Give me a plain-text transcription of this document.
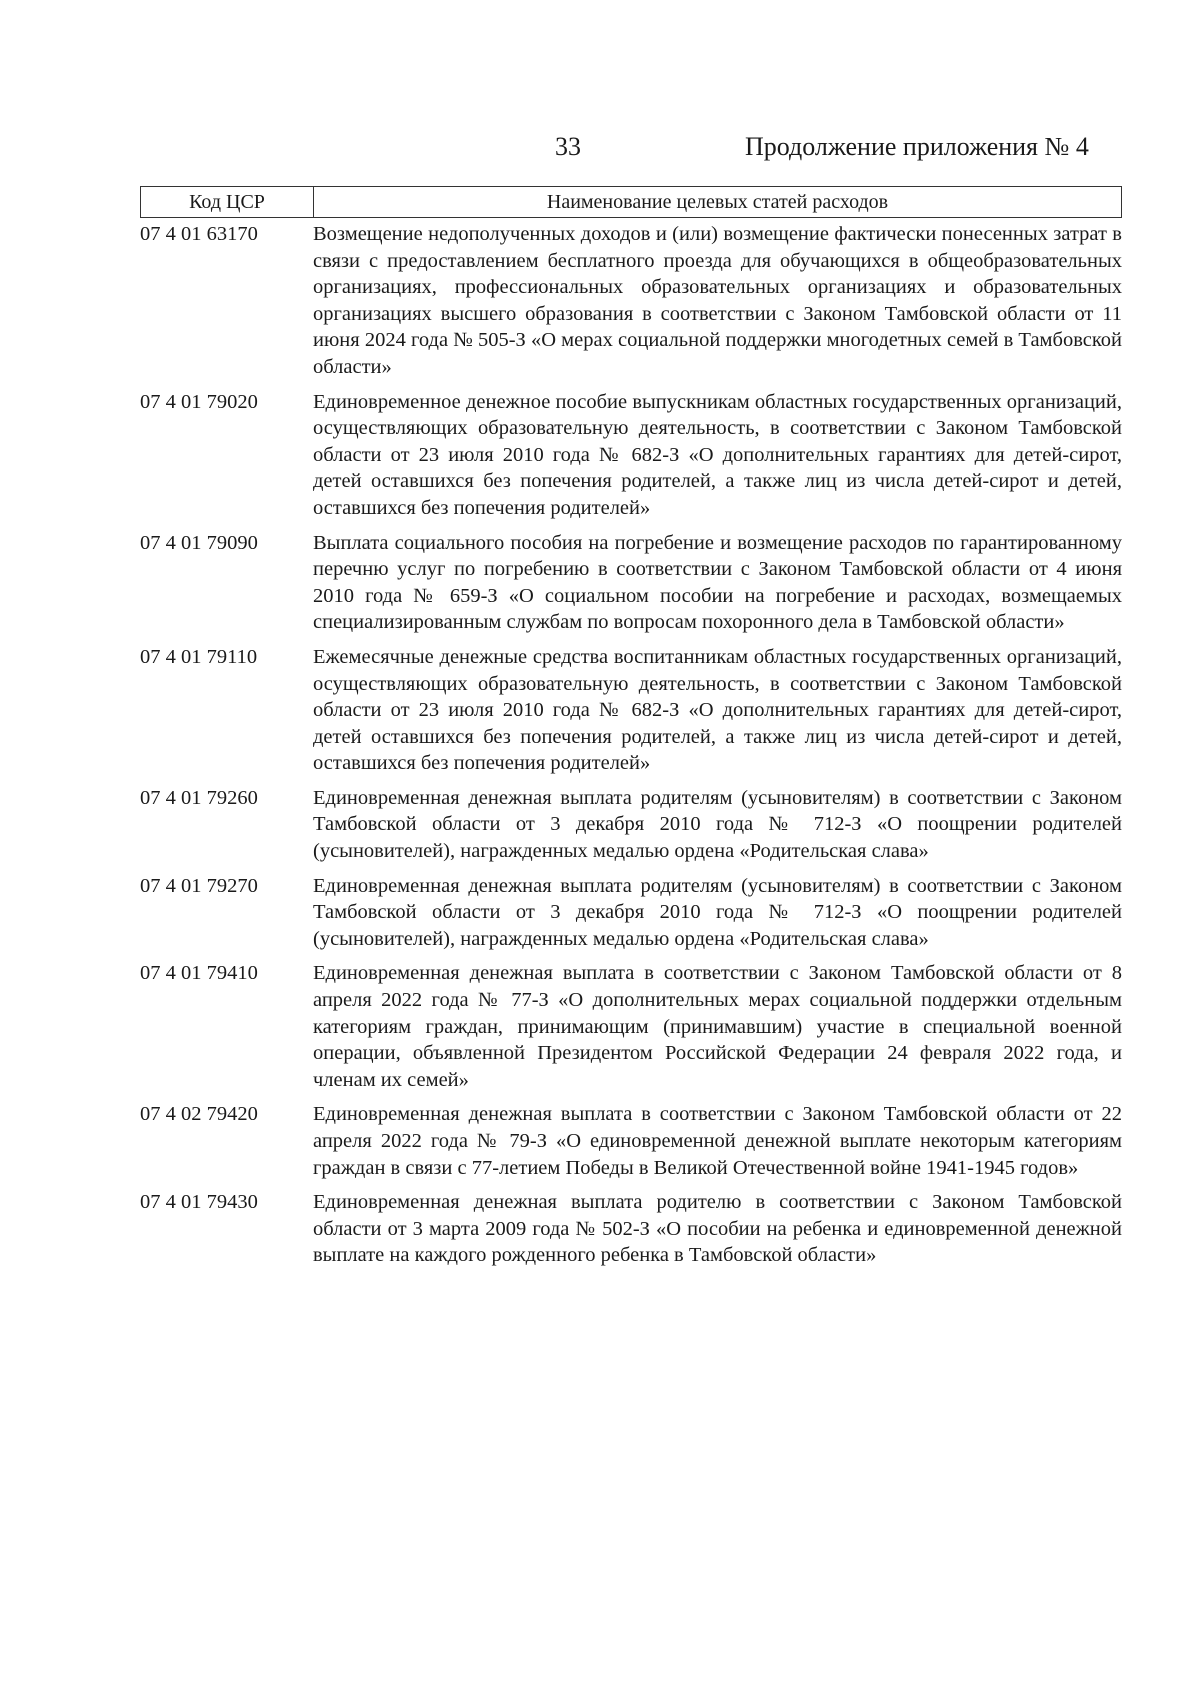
33	Продолжение приложения № 4
Код ЦСР	Наименование целевых статей расходов
07 4 01 63170	Возмещение недополученных доходов и (или) возмещение фактически понесенных затрат в связи с предоставлением бесплатного проезда для обучающихся в общеобразовательных организациях, профессиональных образовательных организациях и образовательных организациях высшего образования в соответствии с Законом Тамбовской области от 11 июня 2024 года № 505-З «О мерах социальной поддержки многодетных семей в Тамбовской области»
07 4 01 79020	Единовременное денежное пособие выпускникам областных государственных организаций, осуществляющих образовательную деятельность, в соответствии с Законом Тамбовской области от 23 июля 2010 года № 682-З «О дополнительных гарантиях для детей-сирот, детей оставшихся без попечения родителей, а также лиц из числа детей-сирот и детей, оставшихся без попечения родителей»
07 4 01 79090	Выплата социального пособия на погребение и возмещение расходов по гарантированному перечню услуг по погребению в соответствии с Законом Тамбовской области от 4 июня 2010 года № 659-З «О социальном пособии на погребение и расходах, возмещаемых специализированным службам по вопросам похоронного дела в Тамбовской области»
07 4 01 79110	Ежемесячные денежные средства воспитанникам областных государственных организаций, осуществляющих образовательную деятельность, в соответствии с Законом Тамбовской области от 23 июля 2010 года № 682-З «О дополнительных гарантиях для детей-сирот, детей оставшихся без попечения родителей, а также лиц из числа детей-сирот и детей, оставшихся без попечения родителей»
07 4 01 79260	Единовременная денежная выплата родителям (усыновителям) в соответствии с Законом Тамбовской области от 3 декабря 2010 года № 712-З «О поощрении родителей (усыновителей), награжденных медалью ордена «Родительская слава»
07 4 01 79270	Единовременная денежная выплата родителям (усыновителям) в соответствии с Законом Тамбовской области от 3 декабря 2010 года № 712-З «О поощрении родителей (усыновителей), награжденных медалью ордена «Родительская слава»
07 4 01 79410	Единовременная денежная выплата в соответствии с Законом Тамбовской области от 8 апреля 2022 года № 77-З «О дополнительных мерах социальной поддержки отдельным категориям граждан, принимающим (принимавшим) участие в специальной военной операции, объявленной Президентом Российской Федерации 24 февраля 2022 года, и членам их семей»
07 4 02 79420	Единовременная денежная выплата в соответствии с Законом Тамбовской области от 22 апреля 2022 года № 79-З «О единовременной денежной выплате некоторым категориям граждан в связи с 77-летием Победы в Великой Отечественной войне 1941-1945 годов»
07 4 01 79430	Единовременная денежная выплата родителю в соответствии с Законом Тамбовской области от 3 марта 2009 года № 502-З «О пособии на ребенка и единовременной денежной выплате на каждого рожденного ребенка в Тамбовской области»
